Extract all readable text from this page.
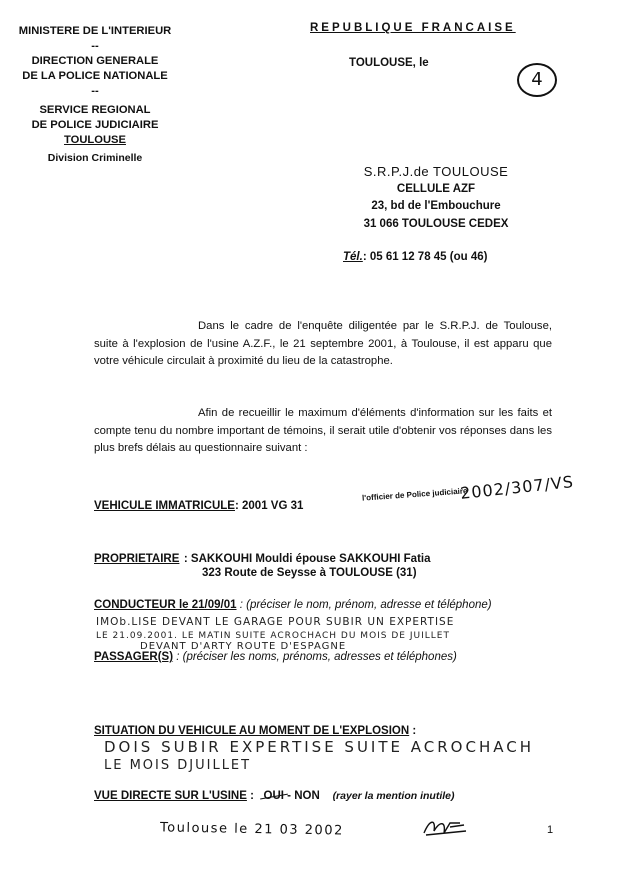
MINISTERE DE L'INTERIEUR
--
DIRECTION GENERALE
DE LA POLICE NATIONALE
--
SERVICE REGIONAL
DE POLICE JUDICIAIRE
TOULOUSE
Division Criminelle
REPUBLIQUE FRANCAISE
TOULOUSE, le
4
S.R.P.J.de TOULOUSE
CELLULE AZF
23, bd de l'Embouchure
31 066 TOULOUSE CEDEX
Tél.: 05 61 12 78 45 (ou 46)
Dans le cadre de l'enquête diligentée par le S.R.P.J. de Toulouse, suite à l'explosion de l'usine A.Z.F., le 21 septembre 2001, à Toulouse, il est apparu que votre véhicule circulait à proximité du lieu de la catastrophe.
Afin de recueillir le maximum d'éléments d'information sur les faits et compte tenu du nombre important de témoins, il serait utile d'obtenir vos réponses dans les plus brefs délais au questionnaire suivant :
VEHICULE IMMATRICULE: 2001 VG 31
l'officier de Police judiciaire
2002/307/VS
PROPRIETAIRE : SAKKOUHI Mouldi épouse SAKKOUHI Fatia
323 Route de Seysse à TOULOUSE (31)
CONDUCTEUR le 21/09/01 : (préciser le nom, prénom, adresse et téléphone)
IMOb.LISE DEVANT LE GARAGE POUR SUBIR UN EXPERTISE
LE 21.09.2001. LE MATIN SUITE ACROCHACH DU MOIS DE JUILLET
DEVANT D'ARTY ROUTE D'ESPAGNE
PASSAGER(S) : (préciser les noms, prénoms, adresses et téléphones)
SITUATION DU VEHICULE AU MOMENT DE L'EXPLOSION :
DOIS SUBIR EXPERTISE SUITE ACROCHACH
LE MOIS DJUILLET
VUE DIRECTE SUR L'USINE : OUI - NON (rayer la mention inutile)
Toulouse le 21 03 2002	1
